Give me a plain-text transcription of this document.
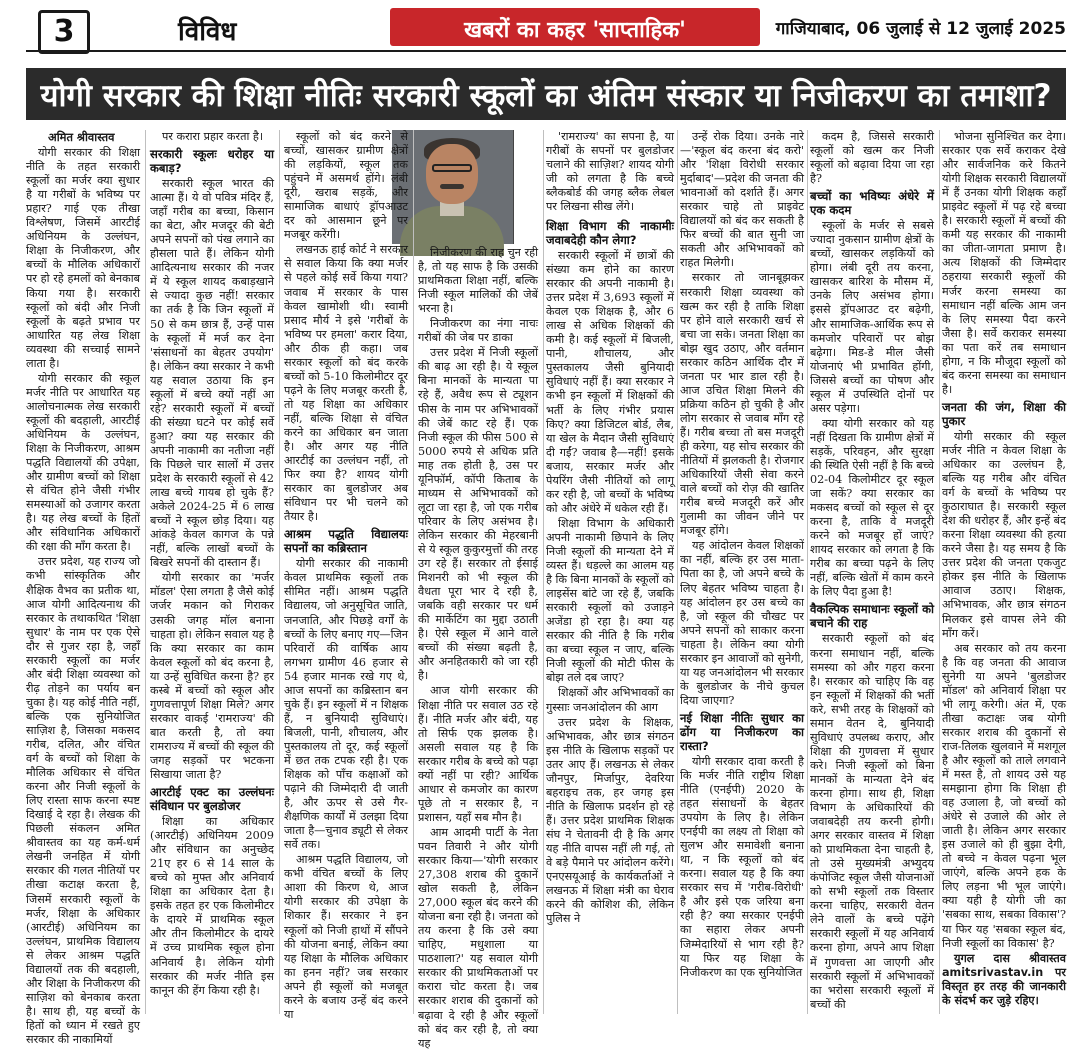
3	विविध	खबरों का कहर 'साप्ताहिक'	गाजियाबाद, 06 जुलाई से 12 जुलाई 2025
योगी सरकार की शिक्षा नीतिः सरकारी स्कूलों का अंतिम संस्कार या निजीकरण का तमाशा?
अमित श्रीवास्तव

योगी सरकार की शिक्षा नीति के तहत सरकारी स्कूलों का मर्जर क्या सुधार है या गरीबों के भविष्य पर प्रहार? गाई एक तीखा विश्लेषण, जिसमें आरटीई अधिनियम के उल्लंघन, शिक्षा के निजीकरण, और बच्चों के मौलिक अधिकारों पर हो रहे हमलों को बेनकाब किया गया है। सरकारी स्कूलों को बंदी और निजी स्कूलों के बढ़ते प्रभाव पर आधारित यह लेख शिक्षा व्यवस्था की सच्चाई सामने लाता है।

योगी सरकार की स्कूल मर्जर नीति पर आधारित यह आलोचनात्मक लेख सरकारी स्कूलों की बदहाली, आरटीई अधिनियम के उल्लंघन, शिक्षा के निजीकरण, आश्रम पद्धति विद्यालयों की उपेक्षा, और ग्रामीण बच्चों को शिक्षा से वंचित होने जैसी गंभीर समस्याओं को उजागर करता है। यह लेख बच्चों के हितों और संविधानिक अधिकारों की रक्षा की माँग करता है।

उत्तर प्रदेश, यह राज्य जो कभी सांस्कृतिक और शैक्षिक वैभव का प्रतीक था, आज योगी आदित्यनाथ की सरकार के तथाकथित 'शिक्षा सुधार' के नाम पर एक ऐसे दौर से गुजर रहा है, जहाँ सरकारी स्कूलों का मर्जर और बंदी शिक्षा व्यवस्था को रीढ़ तोड़ने का पर्याय बन चुका है। यह कोई नीति नहीं, बल्कि एक सुनियोजित साज़िश है, जिसका मकसद गरीब, दलित, और वंचित वर्ग के बच्चों को शिक्षा के मौलिक अधिकार से वंचित करना और निजी स्कूलों के लिए रास्ता साफ करना स्पष्ट दिखाई दे रहा है। लेखक की पिछली संकलन अमित श्रीवास्तव का यह कर्म-धर्म लेखनी जनहित में योगी सरकार की गलत नीतियों पर तीखा कटाक्ष करता है, जिसमें सरकारी स्कूलों के मर्जर, शिक्षा के अधिकार (आरटीई) अधिनियम का उल्लंघन, प्राथमिक विद्यालय से लेकर आश्रम पद्धति विद्यालयों तक की बदहाली, और शिक्षा के निजीकरण की साज़िश को बेनकाब करता है। साथ ही, यह बच्चों के हितों को ध्यान में रखते हुए सरकार की नाकामियों

पर करारा प्रहार करता है।

सरकारी स्कूलः धरोहर या कबाड़?

सरकारी स्कूल भारत की आत्मा हैं। ये वो पवित्र मंदिर हैं, जहाँ गरीब का बच्चा, किसान का बेटा, और मजदूर की बेटी अपने सपनों को पंख लगाने का हौसला पाते हैं। लेकिन योगी आदित्यनाथ सरकार की नजर में ये स्कूल शायद कबाड़खाने से ज्यादा कुछ नहीं! सरकार का तर्क है कि जिन स्कूलों में 50 से कम छात्र हैं, उन्हें पास के स्कूलों में मर्ज कर देना 'संसाधनों का बेहतर उपयोग' है। लेकिन क्या सरकार ने कभी यह सवाल उठाया कि इन स्कूलों में बच्चे क्यों नहीं आ रहे? सरकारी स्कूलों में बच्चों की संख्या घटने पर कोई सर्वे हुआ? क्या यह सरकार की अपनी नाकामी का नतीजा नहीं कि पिछले चार सालों में उत्तर प्रदेश के सरकारी स्कूलों से 42 लाख बच्चे गायब हो चुके हैं? अकेले 2024-25 में 6 लाख बच्चों ने स्कूल छोड़ दिया। यह आंकड़े केवल कागज के पन्ने नहीं, बल्कि लाखों बच्चों के बिखरे सपनों की दास्तान हैं।

योगी सरकार का 'मर्जर मॉडल' ऐसा लगता है जैसे कोई जर्जर मकान को गिराकर उसकी जगह मॉल बनाना चाहता हो। लेकिन सवाल यह है कि क्या सरकार का काम केवल स्कूलों को बंद करना है, या उन्हें सुविधित करना है? हर कस्बे में बच्चों को स्कूल और गुणवत्तापूर्ण शिक्षा मिले? अगर सरकार वाकई 'रामराज्य' की बात करती है, तो क्या रामराज्य में बच्चों की स्कूल की जगह सड़कों पर भटकना सिखाया जाता है?

आरटीई एक्ट का उल्लंघनः संविधान पर बुलडोजर

शिक्षा का अधिकार (आरटीई) अधिनियम 2009 और संविधान का अनुच्छेद 21ए हर 6 से 14 साल के बच्चे को मुफ्त और अनिवार्य शिक्षा का अधिकार देता है। इसके तहत हर एक किलोमीटर के दायरे में प्राथमिक स्कूल और तीन किलोमीटर के दायरे में उच्च प्राथमिक स्कूल होना अनिवार्य है। लेकिन योगी सरकार की मर्जर नीति इस कानून की हेंग किया रही है।

स्कूलों को बंद करने से बच्चों, खासकर ग्रामीण क्षेत्रों की लड़कियों, स्कूल तक पहुंचने में असमर्थ होंगे। लंबी दूरी, खराब सड़कें, और सामाजिक बाधाएं ड्रॉपआउट दर को आसमान छूने पर मजबूर करेंगी।

लखनऊ हाई कोर्ट ने सरकार से सवाल किया कि क्या मर्जर से पहले कोई सर्वे किया गया? जवाब में सरकार के पास केवल खामोशी थी। स्वामी प्रसाद मौर्य ने इसे 'गरीबों के भविष्य पर हमला' करार दिया, और ठीक ही कहा। जब सरकार स्कूलों को बंद करके बच्चों को 5-10 किलोमीटर दूर पढ़ने के लिए मजबूर करती है, तो यह शिक्षा का अधिकार नहीं, बल्कि शिक्षा से वंचित करने का अधिकार बन जाता है। और अगर यह नीति आरटीई का उल्लंघन नहीं, तो फिर क्या है? शायद योगी सरकार का बुलडोजर अब संविधान पर भी चलने को तैयार है।

आश्रम पद्धति विद्यालयः सपनों का कब्रिस्तान

योगी सरकार की नाकामी केवल प्राथमिक स्कूलों तक सीमित नहीं। आश्रम पद्धति विद्यालय, जो अनुसूचित जाति, जनजाति, और पिछड़े वर्गों के बच्चों के लिए बनाए गए—जिन परिवारों की वार्षिक आय लगभग ग्रामीण 46 हजार से 54 हजार मानक रखे गए थे, आज सपनों का कब्रिस्तान बन चुके हैं। इन स्कूलों में न शिक्षक हैं, न बुनियादी सुविधाएं। बिजली, पानी, शौचालय, और पुस्तकालय तो दूर, कई स्कूलों में छत तक टपक रही है। एक शिक्षक को पाँच कक्षाओं को पढ़ाने की जिम्मेदारी दी जाती है, और ऊपर से उसे गैर-शैक्षणिक कार्यों में उलझा दिया जाता है—चुनाव ड्यूटी से लेकर सर्वे तक।

आश्रम पद्धति विद्यालय, जो कभी वंचित बच्चों के लिए आशा की किरण थे, आज योगी सरकार की उपेक्षा के शिकार हैं। सरकार ने इन स्कूलों को निजी हाथों में सौंपने की योजना बनाई, लेकिन क्या यह शिक्षा के मौलिक अधिकार का हनन नहीं? जब सरकार अपने ही स्कूलों को मजबूत करने के बजाय उन्हें बंद करने या

निजीकरण की राह चुन रही है, तो यह साफ है कि उसकी प्राथमिकता शिक्षा नहीं, बल्कि निजी स्कूल मालिकों की जेबें भरना है।

निजीकरण का नंगा नाचः गरीबों की जेब पर डाका

उत्तर प्रदेश में निजी स्कूलों की बाढ़ आ रही है। ये स्कूल बिना मानकों के मान्यता पा रहे हैं, अवैध रूप से ट्यूशन फीस के नाम पर अभिभावकों की जेबें काट रहे हैं। एक निजी स्कूल की फीस 500 से 5000 रुपये से अधिक प्रति माह तक होती है, उस पर यूनिफॉर्म, कॉपी किताब के माध्यम से अभिभावकों को लूटा जा रहा है, जो एक गरीब परिवार के लिए असंभव है। लेकिन सरकार की मेहरबानी से ये स्कूल कुकुरमुत्तों की तरह उग रहे हैं। सरकार तो ईसाई मिशनरी को भी स्कूल की वैधता पूरा भार दे रही है, जबकि वही सरकार पर धर्म की मार्केटिंग का मुद्दा उठाती है। ऐसे स्कूल में आने वाले बच्चों की संख्या बढ़ती है, और अनहितकारी को जा रही है।

आज योगी सरकार की शिक्षा नीति पर सवाल उठ रहे हैं। नीति मर्जर और बंदी, यह तो सिर्फ एक झलक है। असली सवाल यह है कि सरकार गरीब के बच्चे को पढ़ा क्यों नहीं पा रही? आर्थिक आधार से कमजोर का कारण पूछे तो न सरकार है, न प्रशासन, यहाँ सब मौन है।

आम आदमी पार्टी के नेता पवन तिवारी ने और योगी सरकार किया—'योगी सरकार 27,308 शराब की दुकानें खोल सकती है, लेकिन 27,000 स्कूल बंद करने की योजना बना रही है। जनता को तय करना है कि उसे क्या चाहिए, मधुशाला या पाठशाला?' यह सवाल योगी सरकार की प्राथमिकताओं पर करारा चोट करता है। जब सरकार शराब की दुकानों को बढ़ावा दे रही है और स्कूलों को बंद कर रही है, तो क्या यह

'रामराज्य' का सपना है, या गरीबों के सपनों पर बुलडोजर चलाने की साज़िश? शायद योगी जी को लगता है कि बच्चे ब्लैकबोर्ड की जगह ब्लैक लेबल पर लिखना सीख लेंगे।

शिक्षा विभाग की नाकामीः जवाबदेही कौन लेगा?

सरकारी स्कूलों में छात्रों की संख्या कम होने का कारण सरकार की अपनी नाकामी है। उत्तर प्रदेश में 3,693 स्कूलों में केवल एक शिक्षक है, और 6 लाख से अधिक शिक्षकों की कमी है। कई स्कूलों में बिजली, पानी, शौचालय, और पुस्तकालय जैसी बुनियादी सुविधाएं नहीं हैं। क्या सरकार ने कभी इन स्कूलों में शिक्षकों की भर्ती के लिए गंभीर प्रयास किए? क्या डिजिटल बोर्ड, लैब, या खेल के मैदान जैसी सुविधाएं दी गईं? जवाब है—नहीं! इसके बजाय, सरकार मर्जर और पेयरिंग जैसी नीतियों को लागू कर रही है, जो बच्चों के भविष्य को और अंधेरे में धकेल रही हैं।

शिक्षा विभाग के अधिकारी अपनी नाकामी छिपाने के लिए निजी स्कूलों की मान्यता देने में व्यस्त हैं। धड़ल्ले का आलम यह है कि बिना मानकों के स्कूलों को लाइसेंस बांटे जा रहे हैं, जबकि सरकारी स्कूलों को उजाड़ने अजेंडा हो रहा है। क्या यह सरकार की नीति है कि गरीब का बच्चा स्कूल न जाए, बल्कि निजी स्कूलों की मोटी फीस के बोझ तले दब जाए?

शिक्षकों और अभिभावकों का गुस्साः जनआंदोलन की आग

उत्तर प्रदेश के शिक्षक, अभिभावक, और छात्र संगठन इस नीति के खिलाफ सड़कों पर उतर आए हैं। लखनऊ से लेकर जौनपुर, मिर्जापुर, देवरिया बहराइच तक, हर जगह इस नीति के खिलाफ प्रदर्शन हो रहे हैं। उत्तर प्रदेश प्राथमिक शिक्षक संघ ने चेतावनी दी है कि अगर यह नीति वापस नहीं ली गई, तो वे बड़े पैमाने पर आंदोलन करेंगे। एनएसयूआई के कार्यकर्ताओं ने लखनऊ में शिक्षा मंत्री का घेराव करने की कोशिश की, लेकिन पुलिस ने

उन्हें रोक दिया। उनके नारे—'स्कूल बंद करना बंद करो' और 'शिक्षा विरोधी सरकार मुर्दाबाद'—प्रदेश की जनता की भावनाओं को दर्शाते हैं। अगर सरकार चाहे तो प्राइवेट विद्यालयों को बंद कर सकती है फिर बच्चों की बात सुनी जा सकती और अभिभावकों को राहत मिलेगी।

सरकार तो जानबूझकर सरकारी शिक्षा व्यवस्था को खत्म कर रही है ताकि शिक्षा पर होने वाले सरकारी खर्च से बचा जा सके। जनता शिक्षा का बोझ खुद उठाए, और वर्तमान सरकार कठिन आर्थिक दौर में जनता पर भार डाल रही है। आज उचित शिक्षा मिलने की प्रक्रिया कठिन हो चुकी है और लोग सरकार से जवाब माँग रहे हैं। गरीब बच्चा तो बस मजदूरी ही करेगा, यह सोच सरकार की नीतियों में झलकती है। रोजगार अधिकारियों जैसी सेवा करने वाले बच्चों को रोज़ की खातिर गरीब बच्चे मजदूरी करें और गुलामी का जीवन जीने पर मजबूर होंगे।

यह आंदोलन केवल शिक्षकों का नहीं, बल्कि हर उस माता-पिता का है, जो अपने बच्चे के लिए बेहतर भविष्य चाहता है। यह आंदोलन हर उस बच्चे का है, जो स्कूल की चौखट पर अपने सपनों को साकार करना चाहता है। लेकिन क्या योगी सरकार इन आवाजों को सुनेगी, या यह जनआंदोलन भी सरकार के बुलडोजर के नीचे कुचल दिया जाएगा?

नई शिक्षा नीतिः सुधार का ढोंग या निजीकरण का रास्ता?

योगी सरकार दावा करती है कि मर्जर नीति राष्ट्रीय शिक्षा नीति (एनईपी) 2020 के तहत संसाधनों के बेहतर उपयोग के लिए है। लेकिन एनईपी का लक्ष्य तो शिक्षा को सुलभ और समावेशी बनाना था, न कि स्कूलों को बंद करना। सवाल यह है कि क्या सरकार सच में 'गरीब-विरोधी' है और इसे एक जरिया बना रही है? क्या सरकार एनईपी का सहारा लेकर अपनी जिम्मेदारियों से भाग रही है? या फिर यह शिक्षा के निजीकरण का एक सुनियोजित

कदम है, जिससे सरकारी स्कूलों को खत्म कर निजी स्कूलों को बढ़ावा दिया जा रहा है?

बच्चों का भविष्यः अंधेरे में एक कदम

स्कूलों के मर्जर से सबसे ज्यादा नुकसान ग्रामीण क्षेत्रों के बच्चों, खासकर लड़कियों को होगा। लंबी दूरी तय करना, खासकर बारिश के मौसम में, उनके लिए असंभव होगा। इससे ड्रॉपआउट दर बढ़ेगी, और सामाजिक-आर्थिक रूप से कमजोर परिवारों पर बोझ बढ़ेगा। मिड-डे मील जैसी योजनाएं भी प्रभावित होंगी, जिससे बच्चों का पोषण और स्कूल में उपस्थिति दोनों पर असर पड़ेगा।

क्या योगी सरकार को यह नहीं दिखता कि ग्रामीण क्षेत्रों में सड़कें, परिवहन, और सुरक्षा की स्थिति ऐसी नहीं है कि बच्चे 02-04 किलोमीटर दूर स्कूल जा सकें? क्या सरकार का मकसद बच्चों को स्कूल से दूर करना है, ताकि वे मजदूरी करने को मजबूर हों जाएं? शायद सरकार को लगता है कि गरीब का बच्चा पढ़ने के लिए नहीं, बल्कि खेतों में काम करने के लिए पैदा हुआ है!

वैकल्पिक समाधानः स्कूलों को बचाने की राह

सरकारी स्कूलों को बंद करना समाधान नहीं, बल्कि समस्या को और गहरा करना है। सरकार को चाहिए कि वह इन स्कूलों में शिक्षकों की भर्ती करे, सभी तरह के शिक्षकों को समान वेतन दे, बुनियादी सुविधाएं उपलब्ध कराए, और शिक्षा की गुणवत्ता में सुधार करे। निजी स्कूलों को बिना मानकों के मान्यता देने बंद करना होगा। साथ ही, शिक्षा विभाग के अधिकारियों की जवाबदेही तय करनी होगी। अगर सरकार वास्तव में शिक्षा को प्राथमिकता देना चाहती है, तो उसे मुख्यमंत्री अभ्युदय कंपोजिट स्कूल जैसी योजनाओं को सभी स्कूलों तक विस्तार करना चाहिए, सरकारी वेतन लेने वालों के बच्चे पढ़ेंगे सरकारी स्कूलों में यह अनिवार्य करना होगा, अपने आप शिक्षा में गुणवत्ता आ जाएगी और सरकारी स्कूलों में अभिभावकों का भरोसा सरकारी स्कूलों में बच्चों की

भोजना सुनिश्चित कर देगा। सरकार एक सर्वे कराकर देखे और सार्वजनिक करे कितने योगी शिक्षक सरकारी विद्यालयों में हैं उनका योगी शिक्षक कहाँ प्राइवेट स्कूलों में पढ़ रहे बच्चा है। सरकारी स्कूलों में बच्चों की कमी यह सरकार की नाकामी का जीता-जागता प्रमाण है। अत्य शिक्षकों की जिम्मेदार ठहराया सरकारी स्कूलों की मर्जर करना समस्या का समाधान नहीं बल्कि आम जन के लिए समस्या पैदा करने जैसा है। सर्वे कराकर समस्या का पता करें तब समाधान होगा, न कि मौजूदा स्कूलों को बंद करना समस्या का समाधान है।

जनता की जंग, शिक्षा की पुकार

योगी सरकार की स्कूल मर्जर नीति न केवल शिक्षा के अधिकार का उल्लंघन है, बल्कि यह गरीब और वंचित वर्ग के बच्चों के भविष्य पर कुठाराघात है। सरकारी स्कूल देश की धरोहर हैं, और इन्हें बंद करना शिक्षा व्यवस्था की हत्या करने जैसा है। यह समय है कि उत्तर प्रदेश की जनता एकजुट होकर इस नीति के खिलाफ आवाज उठाए। शिक्षक, अभिभावक, और छात्र संगठन मिलकर इसे वापस लेने की माँग करें।

अब सरकार को तय करना है कि वह जनता की आवाज सुनेगी या अपने 'बुलडोजर मॉडल' को अनिवार्य शिक्षा पर भी लागू करेगी। अंत में, एक तीखा कटाक्षः जब योगी सरकार शराब की दुकानों से राज-तिलक खुलवाने में मशगूल है और स्कूलों को ताले लगवाने में मस्त है, तो शायद उसे यह समझाना होगा कि शिक्षा ही वह उजाला है, जो बच्चों को अंधेरे से उजाले की ओर ले जाती है। लेकिन अगर सरकार इस उजाले को ही बुझा देगी, तो बच्चे न केवल पढ़ना भूल जाएंगे, बल्कि अपने हक के लिए लड़ना भी भूल जाएंगे। क्या यही है योगी जी का 'सबका साथ, सबका विकास'? या फिर यह 'सबका स्कूल बंद, निजी स्कूलों का विकास' है?

युगल दास श्रीवास्तव amitsrivastav.in पर विस्तृत हर तरह की जानकारी के संदर्भ कर जुड़े रहिए।
